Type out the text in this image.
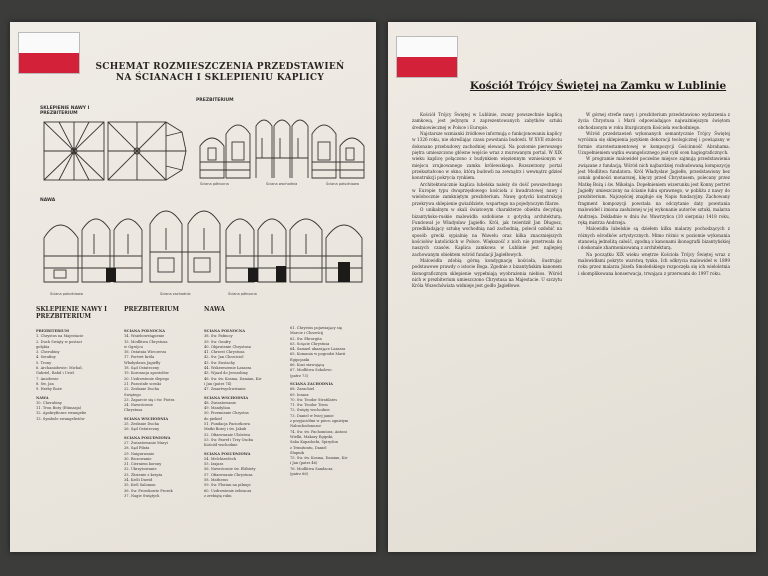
SCHEMAT ROZMIESZCZENIA PRZEDSTAWIEŃ
NA ŚCIANACH I SKLEPIENIU KAPLICY
SKLEPIENIE NAWY I PREZBITERIUM
PREZBITERIUM
NAWA
Ściana północna	Ściana wschodnia	Ściana południowa
Ściana południowa	Ściana zachodnia	Ściana północna
SKLEPIENIE NAWY I PREZBITERIUM
PREZBITERIUM	NAWA
PREZBITERIUM
1. Chrystus na Majestacie
2. Duch Święty w postaci
gołębia
3. Cherubiny
4. Serafiny
5. Trony
6. Archaniołowie: Michał,
Gabriel, Rafał i Uriel
7. Aniołowie
8. Św. Jan
9. Herby Boże
NAWA
10. Cherubiny
11. Tron Boży (Etimasja)
12. Apokryficzne ewangelie
13. Symbole ewangelistów
ŚCIANA PÓŁNOCNA
14. Wniebowstąpienie
15. Modlitwa Chrystusa
w Ogrójcu
16. Ostatnia Wieczerza
17. Portret króla
Władysława Jagiełły
18. Sąd Ostateczny
19. Koronacja apostołów
20. Uzdrowienie ślepego
21. Pozostałe scenki
22. Zesłanie Ducha
Świętego
23. Zaparcie się i św. Piotra
24. Nawrócenie
Chrystusa
ŚCIANA WSCHODNIA
25. Zesłanie Ducha
26. Sąd Ostateczny
ŚCIANA POŁUDNIOWA
27. Zwiastowanie Maryi
28. Sąd Piłata
29. Naigrawanie
30. Biczowanie
31. Cierniem korony
32. Ukrzyżowanie
33. Złożenie z krzyża
34. Króli Dawid
35. Król Salomon
36. Św. Prorokowie Prorok
37. Nagie Świętych
ŚCIANA PÓŁNOCNA
38. Św. Pafnucy
39. Św. Onufry
40. Objawienie Chrystusa
41. Chrzest Chrystusa
42. Św. Jan Chrzciciel
43. Św. Eustachy
44. Wskrzeszenie Łazarza
45. Wjazd do Jerozolimy
46. Św. św. Kosma, Damian, Kir
i Jan (patrz 74)
47. Zmartwychwstanie
ŚCIANA WSCHODNIA
48. Zwiastowanie
49. Mandylion
50. Przemienie Chrystus
do piekieł
51. Fundacja Paciorkowa
Matki Bożej i św. Jakub
52. Ofiarowanie Ubóstwa
53. Św. Paweł i Trzy Osoba
Kościół wschodnie
ŚCIANA POŁUDNIOWA
54. Melchizedech
55. Izajasz
56. Nawrócenie św. Elżbiety
57. Ofiarowanie Chrystusa
58. Mathesss
59. Św. Florian na pilnuje
60. Uzdrowienie żebracza
z zrebiętę ruku
61. Chrystus pojawiający się
Marcie i Chrześcij
62. Św. Ebrorgita
63. Ścięcie Chrystusa
64. Samuel ukazujące Lazarza
65. Komunia w pogrodzi Marii
Egipcjanki
66. Kuzi stawującą
67. Modlitwa Sokolovo
(patrz 73)
ŚCIANA ZACHODNIA
68. Zarachiel
69. Ionasz
70. Św. Teodor Stratilates
71. Św. Teodor Tiron
72. Święty wschodnie
73. Daniel w lwiej jamie
z przyjaciółmi w piecu ognistym
Nabuchodonozor
74. Św. św. Pachomiusz, Antoni
Wielki, Makary Egipski,
Saba Kapadocki, Spirydon
z Trimitontu, Daniel
Słupnik
75. Św. św. Kosma, Damian, Kir
i Jan (patrz 46)
76. Modlitwa Sandacza
(patrz 66)
Kościół Trójcy Świętej na Zamku w Lublinie

Kościół Trójcy Świętej w Lublinie, zwany powszechnie kaplicą zamkową, jest jedynym z zaprezentowanych zabytków sztuki średniowiecznej w Polsce i Europie.

Najstarsze wzmianki źródłowe informują o funkcjonowaniu kaplicy w 1326 roku, nie określając czasu powstania budowli. W XVII stuleciu dokonano przebudowy zachodniej elewacji. Na poziomie pierwszego piętra umieszczono główne wejście wraz z murowanym portal. W XIX wieku kaplicę połączono z budynkiem więziennym wzniesionym w miejscu zrujnowanego zamku królewskiego. Rozszerzony portal przekształcono w okno, którą budowli na zewnątrz i wewnątrz gdzieś konstrukcji pokrycia rynkiem.

Architektonicznie kaplica lubelska należy do dość powszechnego w Europie typu dwuprzęsłowego kościoła z kwadratowej nawy i wielobocznie zamkniętym prezbiterium. Nawę gotycki konstrukcję przekrywa sklepienie gwiaździste, wspartego na pojedynczym filarze.

O unikalnym w skali światowym charakterze obiektu decydują bizantyńsko-ruskie malowidła ozdobione z gotycką architekturą. Fundował je Władysław Jagiełło. Król, jak twierdził Jan Długosz, przedkładający sztukę wschodnią nad zachodnią, polecił ozdobić na sposób grecki sypialnię na Wawelu oraz kilka znaczniejszych kościołów katolickich w Polsce. Większość z nich nie przetrwała do naszych czasów. Kaplica zamkowa w Lublinie jest najlepiej zachowanym obiektem wśród fundacji Jagiełłowych.

Malowidła zdobią górną kondygnację kościoła, ilustrując podstawowe prawdy o istocie Boga. Zgodnie z bizantyńskim kanonem ikonograficznym sklepienie wypełniają wyobrażenia niebios. Wśród nich w prezbiterium umieszczono Chrystusa na Majestacie. U szczytu Króla Wszechświata widnieje jest godło Jagiełłowe.

W górnej strefie nawy i prezbiterium przedstawiono wydarzenia z życia Chrystusa i Marii odpowiadające najważniejszym świętom obchodzonym w roku liturgicznym Kościoła wschodniego.

Wśród przedstawień wykonanych semantycznie Trójcy Świętej wyróżnia się sklepienia językiem dekoracji teologicznej i powiązany w formie starotestamentowej w kompozycji Gościnność Abrahama. Uzupełnieniem wątku ewangelicznego jest cykl scen hagiograficznych.

W programie malowideł pocześne miejsce zajmują przedstawienia związane z fundacją. Wśród nich najbardziej rozbudowaną kompozycję jest Modlitwa fundatora. Król Władysław Jagiełło, przedstawiony bez oznak godności monarszej, klęczy przed Chrystusem, polecany przez Matkę Bożą i św. Mikołaja. Dopełnieniem wizerunku jest Konny portret Jagiełły umieszczony na ścianie łuku sprawnego, w pobliżu z nawy do prezbiterium. Najczęściej znajduje się Napis fundacyjny. Zachowany fragment kompozycji powstała na odczytanie daty powstania malowideł i imiona zasłużonej w jej wykonanie autorów sztuki, malarza Andrzeja. Dokładnie w dniu św. Wawrzyńca (10 sierpnia) 1418 roku, ręką mistrza Andrzeja.

Malowidła lubelskie są dziełem kilku malarzy pochodzących z różnych ośrodków artystycznych. Mimo różnic w poziomie wykonania stanowią jednolitą całość, zgodną z kanonami ikonografii bizantyńskiej i doskonale zharmonizowaną z architekturą.

Na początku XIX wieku wnętrze Kościoła Trójcy Świętej wraz z malowidłami pokryto warstwą tynku. Ich odkrycia malowideł w 1899 roku przez malarza Józefa Smoleńskiego rozpoczęła się ich wieloletnia i skomplikowana konserwacja, trwająca z przerwami do 1997 roku.
